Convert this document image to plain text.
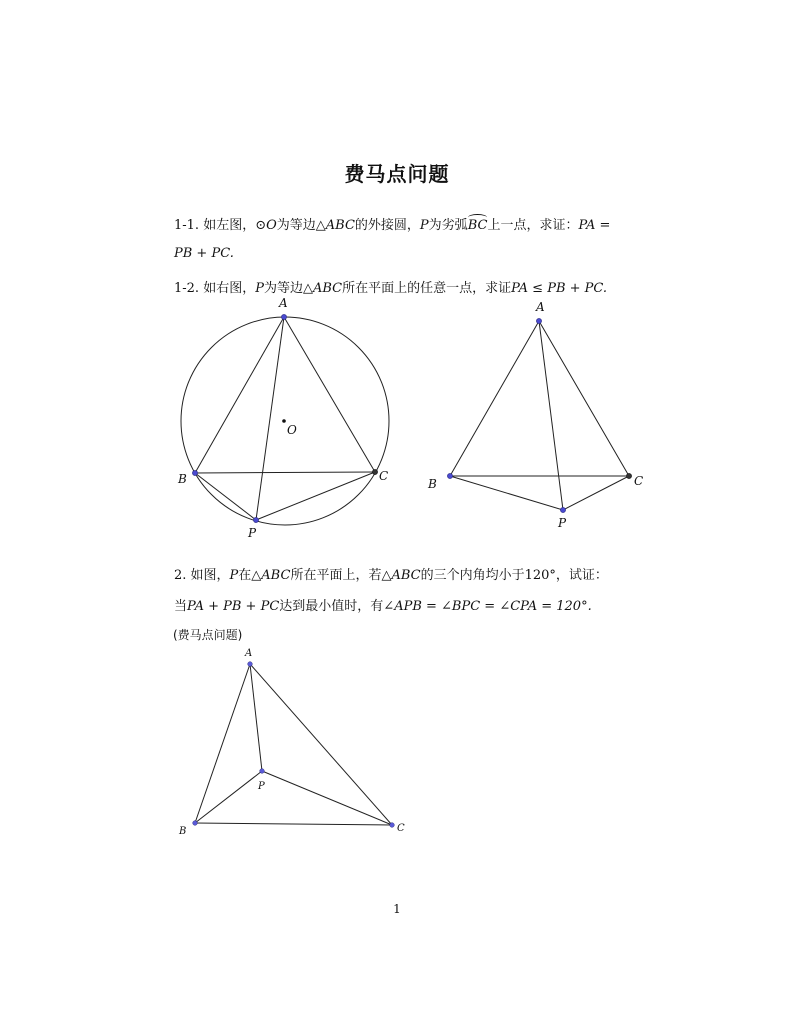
费马点问题
1-1. 如左图，⊙O为等边△ABC的外接圆，P为劣弧BC上一点，求证：PA =
PB + PC.
1-2. 如右图，P为等边△ABC所在平面上的任意一点，求证PA ≤ PB + PC.
2. 如图，P在△ABC所在平面上，若△ABC的三个内角均小于120°，试证：
当PA + PB + PC达到最小值时，有∠APB = ∠BPC = ∠CPA = 120°.
(费马点问题)
A
B	C
O
P
A
B	C
P
A
B	C
P
1
